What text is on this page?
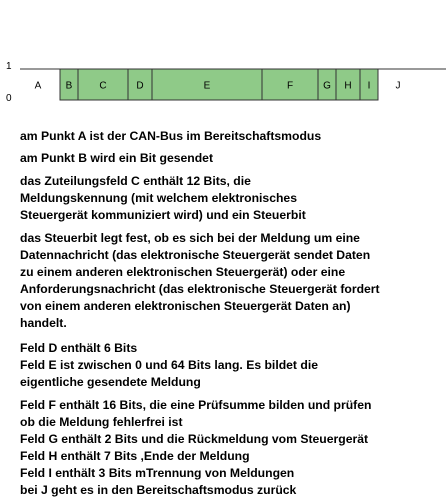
1
0
B	C	D	E	F	G H I
A	J
am Punkt A ist der CAN-Bus im Bereitschaftsmodus
am Punkt B wird ein Bit gesendet
das Zuteilungsfeld C enthält 12 Bits, die
Meldungskennung (mit welchem elektronisches
Steuergerät kommuniziert wird) und ein Steuerbit
das Steuerbit legt fest, ob es sich bei der Meldung um eine
Datennachricht (das elektronische Steuergerät sendet Daten
zu einem anderen elektronischen Steuergerät) oder eine
Anforderungsnachricht (das elektronische Steuergerät fordert
von einem anderen elektronischen Steuergerät Daten an)
handelt.
Feld D enthält 6 Bits
Feld E ist zwischen 0 und 64 Bits lang. Es bildet die
eigentliche gesendete Meldung
Feld F enthält 16 Bits, die eine Prüfsumme bilden und prüfen
ob die Meldung fehlerfrei ist
Feld G enthält 2 Bits und die Rückmeldung vom Steuergerät
Feld H enthält 7 Bits ,Ende der Meldung
Feld I enthält 3 Bits mTrennung von Meldungen
bei J geht es in den Bereitschaftsmodus zurück
